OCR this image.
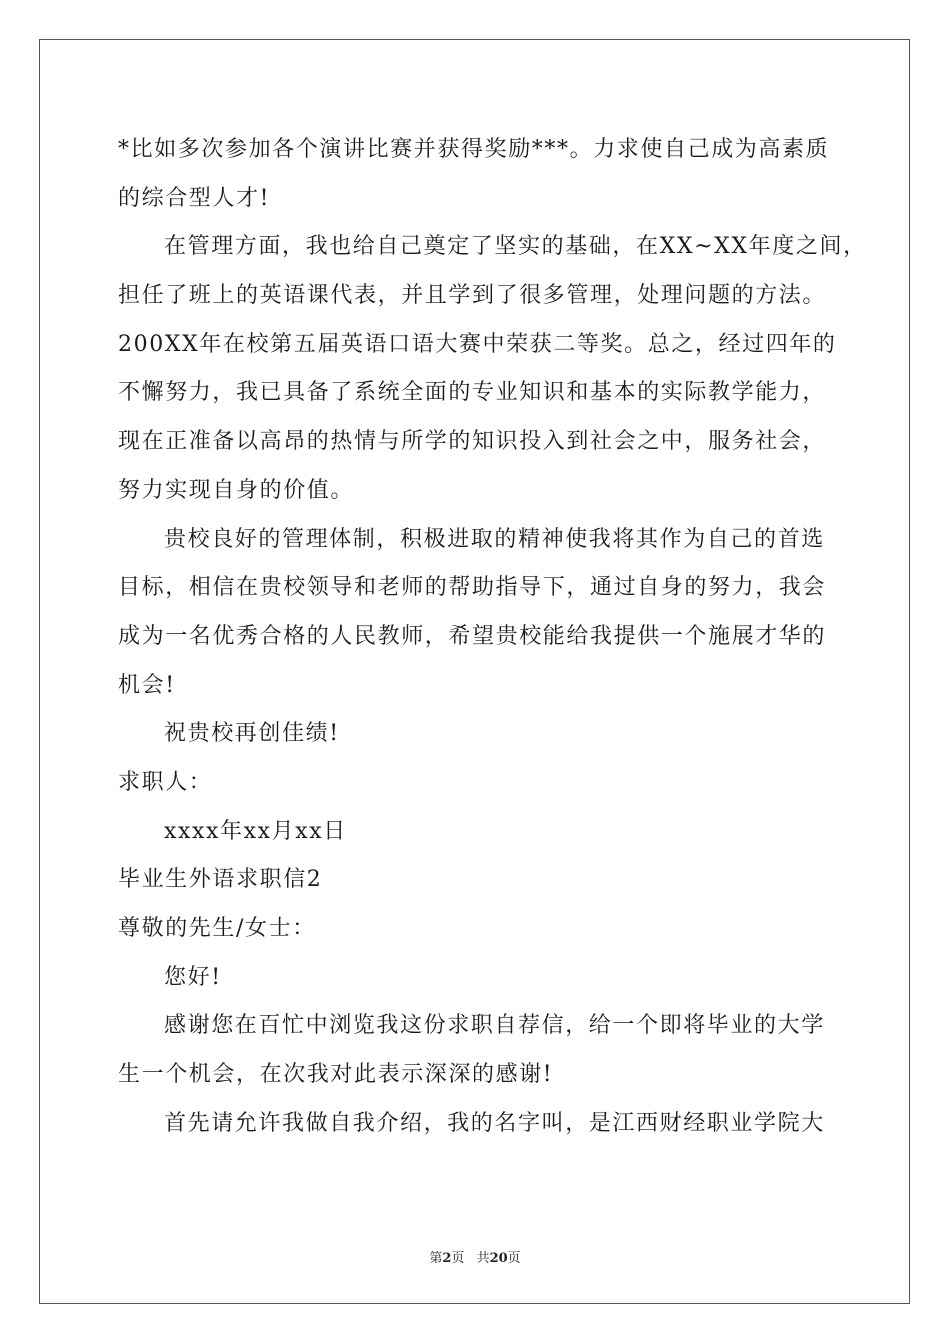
*比如多次参加各个演讲比赛并获得奖励***。力求使自己成为高素质
的综合型人才!
在管理方面，我也给自己奠定了坚实的基础，在XX~XX年度之间，
担任了班上的英语课代表，并且学到了很多管理，处理问题的方法。
200XX年在校第五届英语口语大赛中荣获二等奖。总之，经过四年的
不懈努力，我已具备了系统全面的专业知识和基本的实际教学能力，
现在正准备以高昂的热情与所学的知识投入到社会之中，服务社会，
努力实现自身的价值。
贵校良好的管理体制，积极进取的精神使我将其作为自己的首选
目标，相信在贵校领导和老师的帮助指导下，通过自身的努力，我会
成为一名优秀合格的人民教师，希望贵校能给我提供一个施展才华的
机会!
祝贵校再创佳绩!
求职人：
xxxx年xx月xx日
毕业生外语求职信2
尊敬的先生/女士：
您好!
感谢您在百忙中浏览我这份求职自荐信，给一个即将毕业的大学
生一个机会，在次我对此表示深深的感谢!
首先请允许我做自我介绍，我的名字叫，是江西财经职业学院大
第2页 共20页
